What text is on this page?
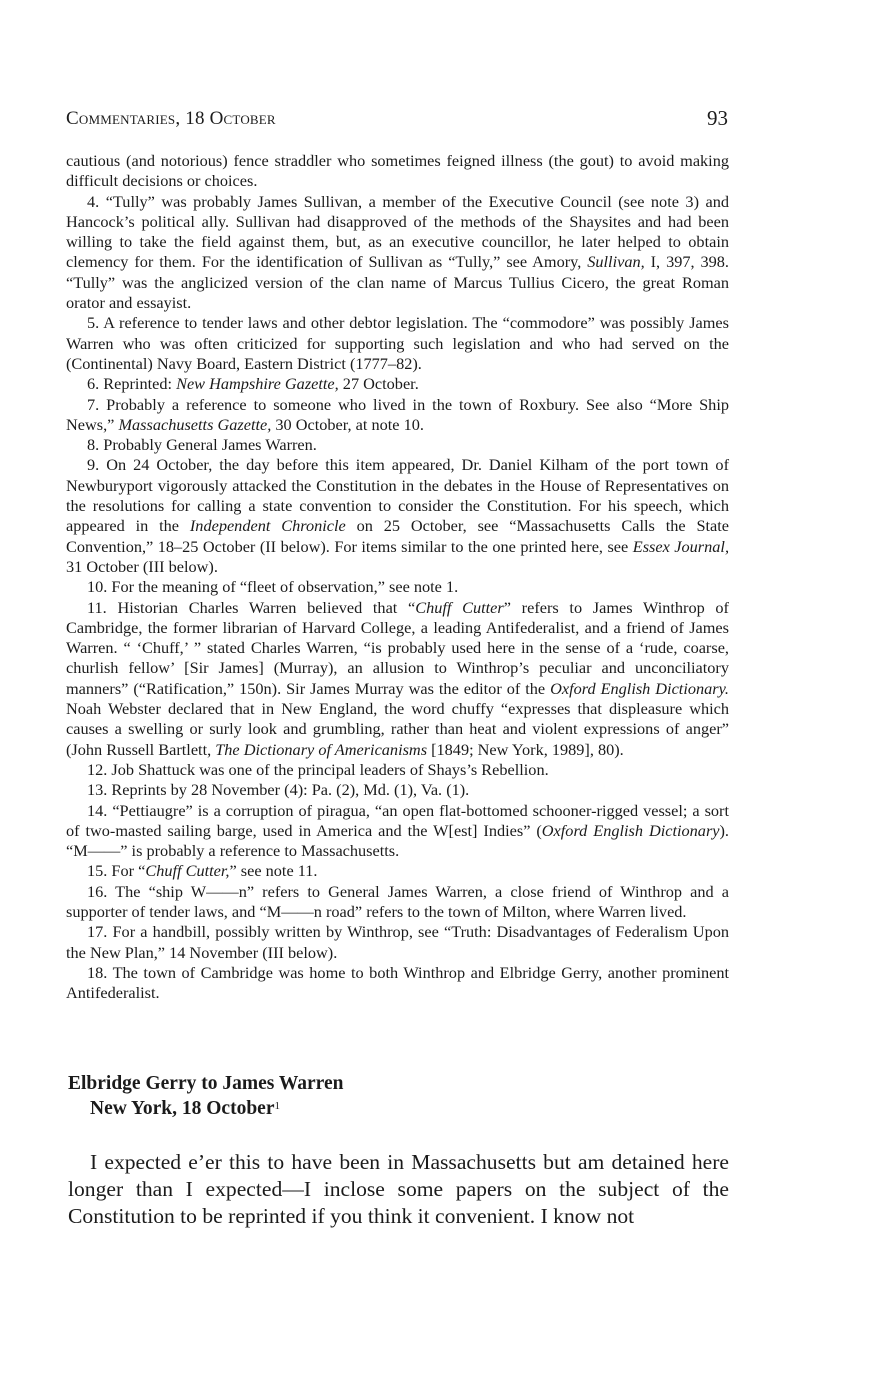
Commentaries, 18 October	93

cautious (and notorious) fence straddler who sometimes feigned illness (the gout) to avoid making difficult decisions or choices.

4. “Tully” was probably James Sullivan, a member of the Executive Council (see note 3) and Hancock’s political ally. Sullivan had disapproved of the methods of the Shaysites and had been willing to take the field against them, but, as an executive councillor, he later helped to obtain clemency for them. For the identification of Sullivan as “Tully,” see Amory, Sullivan, I, 397, 398. “Tully” was the anglicized version of the clan name of Marcus Tullius Cicero, the great Roman orator and essayist.

5. A reference to tender laws and other debtor legislation. The “commodore” was possibly James Warren who was often criticized for supporting such legislation and who had served on the (Continental) Navy Board, Eastern District (1777–82).

6. Reprinted: New Hampshire Gazette, 27 October.

7. Probably a reference to someone who lived in the town of Roxbury. See also “More Ship News,” Massachusetts Gazette, 30 October, at note 10.

8. Probably General James Warren.

9. On 24 October, the day before this item appeared, Dr. Daniel Kilham of the port town of Newburyport vigorously attacked the Constitution in the debates in the House of Representatives on the resolutions for calling a state convention to consider the Constitution. For his speech, which appeared in the Independent Chronicle on 25 October, see “Massachusetts Calls the State Convention,” 18–25 October (II below). For items similar to the one printed here, see Essex Journal, 31 October (III below).

10. For the meaning of “fleet of observation,” see note 1.

11. Historian Charles Warren believed that “Chuff Cutter” refers to James Winthrop of Cambridge, the former librarian of Harvard College, a leading Antifederalist, and a friend of James Warren. “ ‘Chuff,’ ” stated Charles Warren, “is probably used here in the sense of a ‘rude, coarse, churlish fellow’ [Sir James] (Murray), an allusion to Winthrop’s peculiar and unconciliatory manners” (“Ratification,” 150n). Sir James Murray was the editor of the Oxford English Dictionary. Noah Webster declared that in New England, the word chuffy “expresses that displeasure which causes a swelling or surly look and grumbling, rather than heat and violent expressions of anger” (John Russell Bartlett, The Dictionary of Americanisms [1849; New York, 1989], 80).

12. Job Shattuck was one of the principal leaders of Shays’s Rebellion.

13. Reprints by 28 November (4): Pa. (2), Md. (1), Va. (1).

14. “Pettiaugre” is a corruption of piragua, “an open flat-bottomed schooner-rigged vessel; a sort of two-masted sailing barge, used in America and the W[est] Indies” (Oxford English Dictionary). “M——” is probably a reference to Massachusetts.

15. For “Chuff Cutter,” see note 11.

16. The “ship W——n” refers to General James Warren, a close friend of Winthrop and a supporter of tender laws, and “M——n road” refers to the town of Milton, where Warren lived.

17. For a handbill, possibly written by Winthrop, see “Truth: Disadvantages of Federalism Upon the New Plan,” 14 November (III below).

18. The town of Cambridge was home to both Winthrop and Elbridge Gerry, another prominent Antifederalist.

Elbridge Gerry to James Warren
New York, 18 October$^1$

I expected e’er this to have been in Massachusetts but am detained here longer than I expected—I inclose some papers on the subject of the Constitution to be reprinted if you think it convenient. I know not
